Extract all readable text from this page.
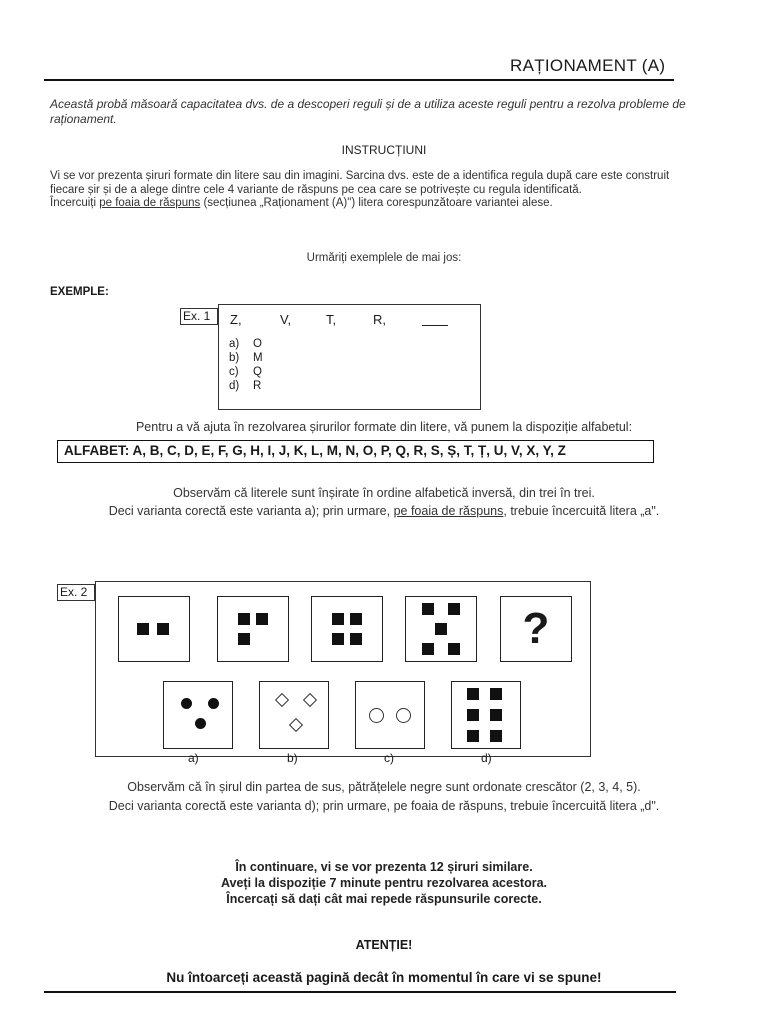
RAȚIONAMENT (A)
Această probă măsoară capacitatea dvs. de a descoperi reguli și de a utiliza aceste reguli pentru a rezolva probleme de raționament.
INSTRUCȚIUNI
Vi se vor prezenta șiruri formate din litere sau din imagini. Sarcina dvs. este de a identifica regula după care este construit fiecare șir și de a alege dintre cele 4 variante de răspuns pe cea care se potrivește cu regula identificată.
Încercuiți pe foaia de răspuns (secțiunea „Raționament (A)") litera corespunzătoare variantei alese.
Urmăriți exemplele de mai jos:
EXEMPLE:
Ex. 1	Z,	V,	T,	R,
a) O
b) M
c) Q
d) R
Pentru a vă ajuta în rezolvarea șirurilor formate din litere, vă punem la dispoziție alfabetul:
ALFABET: A, B, C, D, E, F, G, H, I, J, K, L, M, N, O, P, Q, R, S, Ș, T, Ț, U, V, X, Y, Z
Observăm că literele sunt înșirate în ordine alfabetică inversă, din trei în trei.
Deci varianta corectă este varianta a); prin urmare, pe foaia de răspuns, trebuie încercuită litera „a".
Ex. 2
?
a)	b)	c)	d)
Observăm că în șirul din partea de sus, pătrățelele negre sunt ordonate crescător (2, 3, 4, 5).
Deci varianta corectă este varianta d); prin urmare, pe foaia de răspuns, trebuie încercuită litera „d".
În continuare, vi se vor prezenta 12 șiruri similare.
Aveți la dispoziție 7 minute pentru rezolvarea acestora.
Încercați să dați cât mai repede răspunsurile corecte.
ATENȚIE!
Nu întoarceți această pagină decât în momentul în care vi se spune!
